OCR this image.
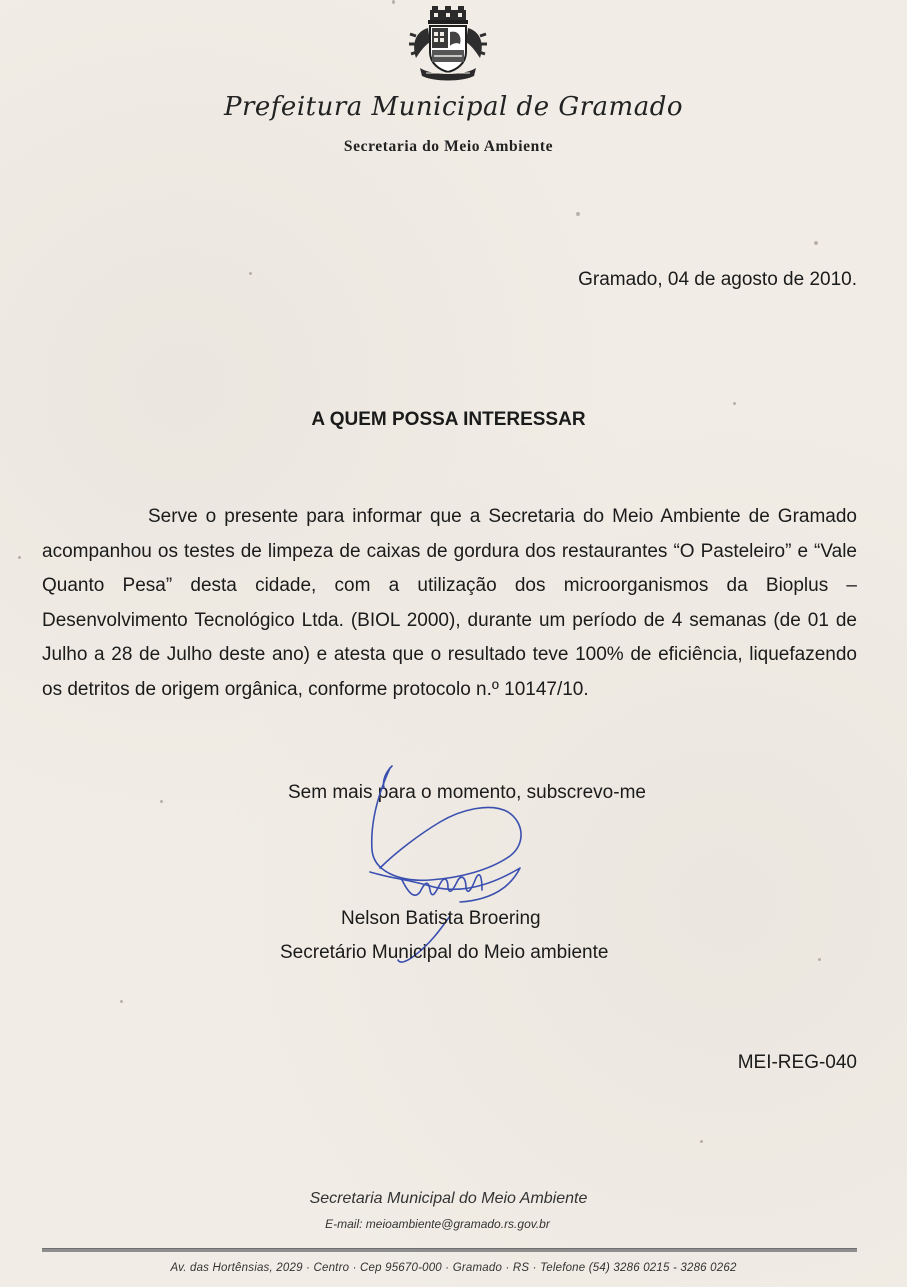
Prefeitura Municipal de Gramado
Secretaria do Meio Ambiente
Gramado, 04 de agosto de 2010.
A QUEM POSSA INTERESSAR

Serve o presente para informar que a Secretaria do Meio Ambiente de Gramado acompanhou os testes de limpeza de caixas de gordura dos restaurantes “O Pasteleiro” e “Vale Quanto Pesa” desta cidade, com a utilização dos microorganismos da Bioplus – Desenvolvimento Tecnológico Ltda. (BIOL 2000), durante um período de 4 semanas (de 01 de Julho a 28 de Julho deste ano) e atesta que o resultado teve 100% de eficiência, liquefazendo os detritos de origem orgânica, conforme protocolo n.º 10147/10.

Sem mais para o momento, subscrevo-me
Nelson Batista Broering
Secretário Municipal do Meio ambiente
MEI-REG-040
Secretaria Municipal do Meio Ambiente
E-mail: meioambiente@gramado.rs.gov.br
Av. das Hortênsias, 2029 · Centro · Cep 95670-000 · Gramado · RS · Telefone (54) 3286 0215 - 3286 0262
